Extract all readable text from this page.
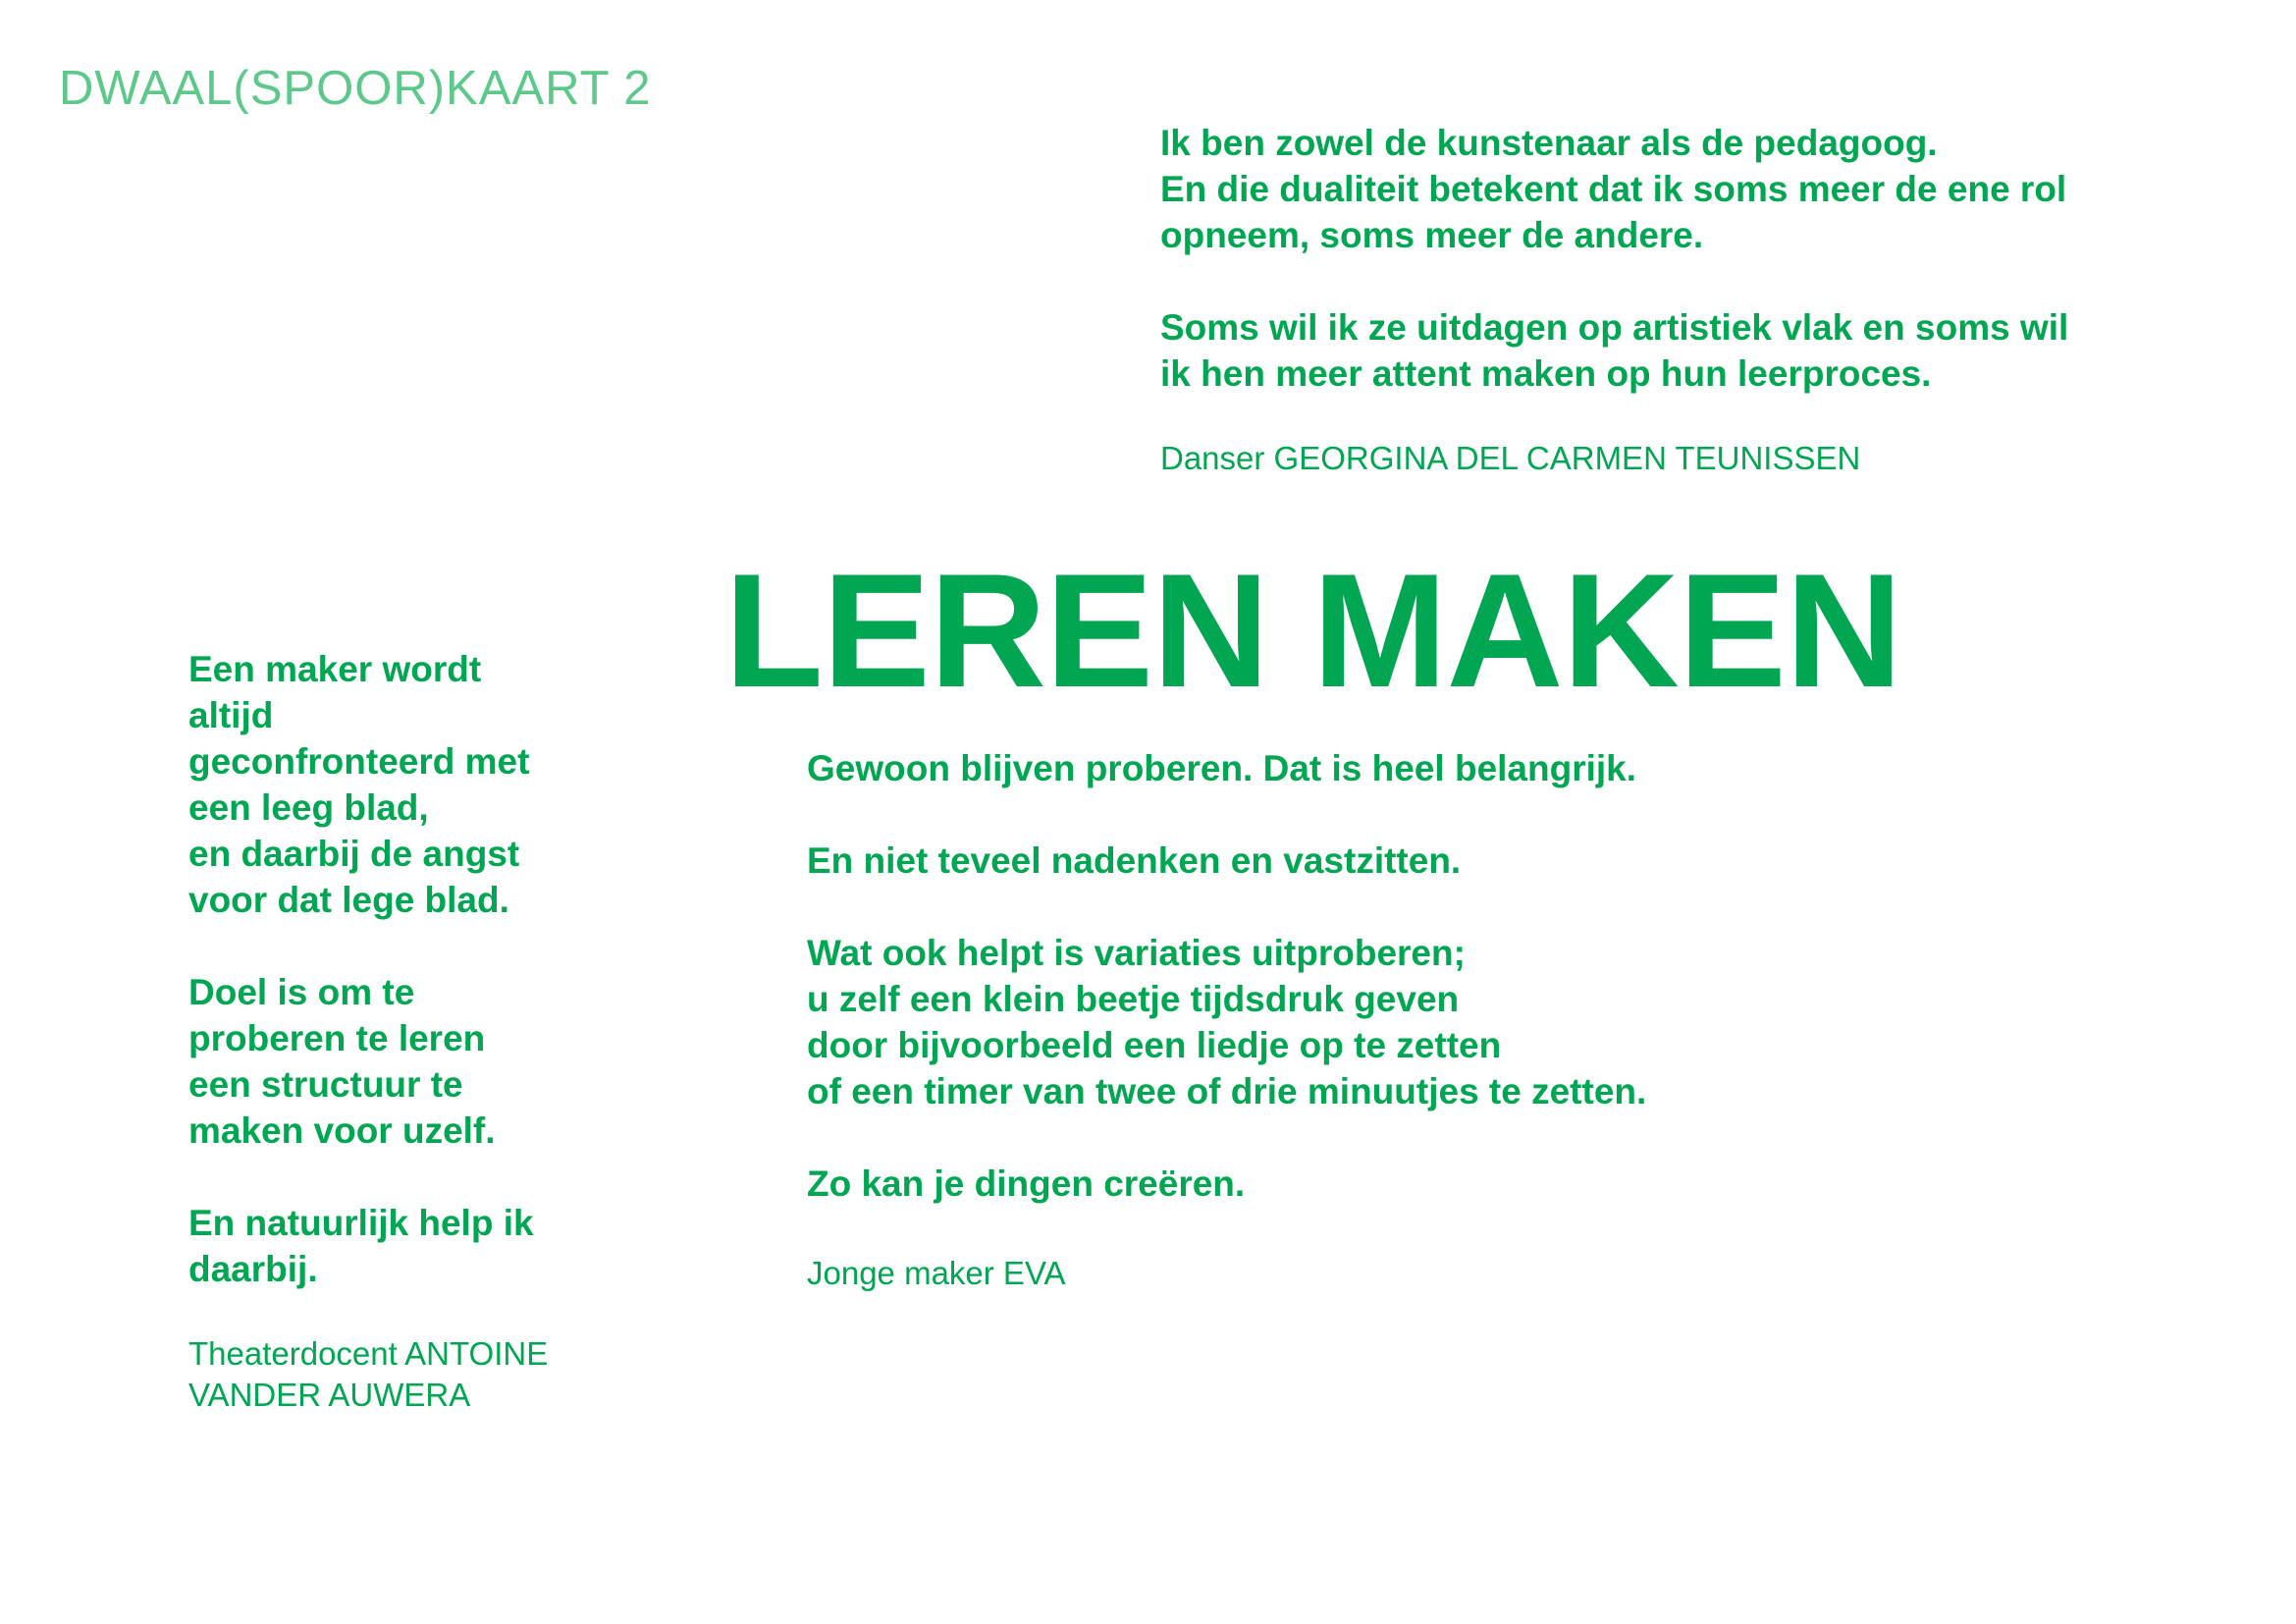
DWAAL(SPOOR)KAART 2

Ik ben zowel de kunstenaar als de pedagoog.
En die dualiteit betekent dat ik soms meer de ene rol
opneem, soms meer de andere.

Soms wil ik ze uitdagen op artistiek vlak en soms wil
ik hen meer attent maken op hun leerproces.

Danser GEORGINA DEL CARMEN TEUNISSEN
LEREN MAKEN

Een maker wordt
altijd
geconfronteerd met
een leeg blad,
en daarbij de angst
voor dat lege blad.

Doel is om te
proberen te leren
een structuur te
maken voor uzelf.

En natuurlijk help ik
daarbij.

Theaterdocent ANTOINE
VANDER AUWERA

Gewoon blijven proberen. Dat is heel belangrijk.

En niet teveel nadenken en vastzitten.

Wat ook helpt is variaties uitproberen;
u zelf een klein beetje tijdsdruk geven
door bijvoorbeeld een liedje op te zetten
of een timer van twee of drie minuutjes te zetten.

Zo kan je dingen creëren.

Jonge maker EVA
